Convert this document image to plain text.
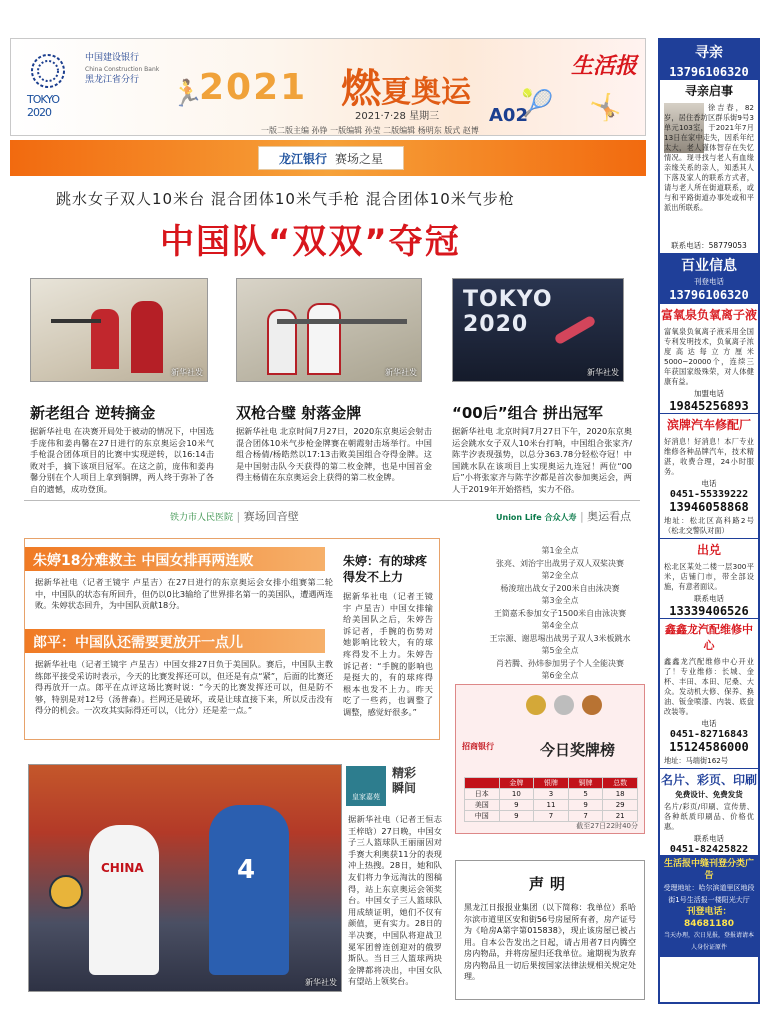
TOKYO 2020
中国建设银行
China Construction Bank
黑龙江省分行	🏃
2021 燃夏奥运
生活报
🎾 🤸
2021·7·28 星期三	A02
一版二版主编 孙铮 一版编辑 孙莹 二版编辑 杨明东 版式 赵博
龙江银行 赛场之星
跳水女子双人10米台 混合团体10米气手枪 混合团体10米气步枪
中国队“双双”夺冠
新华社发	新华社发
TOKYO 2020
新华社发
新老组合 逆转摘金
据新华社电 在决赛开局处于被动的情况下，中国选手庞伟和姜冉馨在27日进行的东京奥运会10米气手枪混合团体项目的比赛中实现逆转，以16:14击败对手，摘下该项目冠军。在这之前，庞伟和姜冉馨分别在个人项目上拿到铜牌，两人终于弥补了各自的遗憾，成功登顶。
双枪合璧 射落金牌
据新华社电 北京时间7月27日，2020东京奥运会射击混合团体10米气步枪金牌赛在朝霞射击场举行。中国组合杨倩/杨皓然以17:13击败美国组合夺得金牌。这是中国射击队今天获得的第二枚金牌，也是中国首金得主杨倩在东京奥运会上获得的第二枚金牌。
“00后”组合 拼出冠军
据新华社电 北京时间7月27日下午，2020东京奥运会跳水女子双人10米台打响，中国组合张家齐/陈芋汐表现强势，以总分363.78分轻松夺冠！中国跳水队在该项目上实现奥运九连冠！两位“00后”小将张家齐与陈芋汐都是首次参加奥运会，两人于2019年开始搭档，实力不俗。
铁力市人民医院 | 赛场回音壁	Union Life 合众人寿 | 奥运看点
朱婷18分难救主 中国女排再两连败
据新华社电（记者王镜宇 卢星吉）在27日进行的东京奥运会女排小组赛第二轮中，中国队的状态有所回升，但仍以0比3输给了世界排名第一的美国队，遭遇两连败。朱婷状态回升，为中国队贡献18分。
郎平：中国队还需要更放开一点儿
据新华社电（记者王镜宇 卢星吉）中国女排27日负于美国队。赛后，中国队主教练郎平接受采访时表示，今天的比赛发挥还可以，但还是有点“紧”，后面的比赛还得再放开一点。郎平在点评这场比赛时说：“今天的比赛发挥还可以，但是防不够，特别是对12号（汤普森）。拦网还是破坏，或是让球直接下来，所以反击没有得分的机会。一次攻其实际得还可以，（比分）还是差一点。”
朱婷：有的球疼得发不上力
据新华社电（记者王镜宇 卢星吉）中国女排输给美国队之后，朱婷告诉记者，手腕的伤势对她影响比较大，有的球疼得发不上力。朱婷告诉记者：“手腕的影响也是挺大的，有的球疼得根本也发不上力。昨天吃了一些药，也调整了调整，感觉好很多。”
第1金全点
张亮、刘治宇出战男子双人双桨决赛
第2金全点
杨浚瑄出战女子200米自由泳决赛
第3金全点
王简嘉禾参加女子1500米自由泳决赛
第4金全点
王宗源、谢思埸出战男子双人3米板跳水
第5金全点
肖若腾、孙炜参加男子个人全能决赛
第6金全点
招商银行	今日奖牌榜
	金牌	银牌	铜牌	总数
日本	10	3	5	18
美国	9	11	9	29
中国	9	7	7	21
截至27日22时40分
CHINA	4
新华社发
皇家嘉苑
精彩瞬间
据新华社电（记者王恒志 王梓晗）27日晚，中国女子三人篮球队王丽丽因对手赛大利奥获11分的表现冲上热搜。28日，她和队友们将力争远淘汰的图稿得，站上东京奥运会领奖台。中国女子三人篮球队用成绩证明，她们不仅有颜值，更有实力。28日的半决赛，中国队将迎战卫冕军团曾连创迎对的俄罗斯队。当日三人篮球两块金牌都将决出，中国女队有望站上领奖台。
声明
黑龙江日报报业集团（以下简称：我单位）系哈尔滨市道里区安和街56号房屋所有者，房产证号为《哈房A第字第015838》，现止该房屋已被占用。自本公告发出之日起，请占用者7日内腾空房内物品，并将房屋归还我单位。逾期视为放弃房内物品且一切后果按国家法律法规相关规定处理。
寻亲
13796106320
寻亲启事
徐吉春，82岁，居住香坊区群乐街9号3单元103室，于2021年7月13日在家中走失，因系年纪太大，老人谨体智存在失忆情况。现寻找与老人有血缘亲缘关系的亲人，知悉其人下落及家人的联系方式者，请与老人所在街道联系，或与和平路街道办事处或和平派出所联系。
联系电话：58779053
百业信息
刊登电话
13796106320
富氧泉负氧离子液
富氧泉负氧离子液采用全国专利发明技术，负氧离子浓度高达每立方厘米5000~20000个，连续三年获国家级殊荣，对人体健康有益。
加盟电话
19845256893
滨牌汽车修配厂
好消息！好消息！本厂专业维修各种品牌汽车，技术精湛，收费合理，24小时服务。
电话
0451-55339222
13946058868
地址：松北区高科路2号（松北交警队对面）
出兑
松北区某处二楼一层300平米，店铺门市，带全部设施，有意者面议。
联系电话
13339406526
鑫鑫龙汽配维修中心
鑫鑫龙汽配维修中心开业了！专业维修：长城、金杯、丰田、本田、尼桑、大众。发动机大修、保养、换油、钣金喷漆、内装、底盘改装等。
电话
0451-82716843
15124586000
地址：马端街162号
名片、彩页、印刷
免费设计、免费发货
名片/彩页/印刷、宣传册、各种纸质印刷品、价格优惠。
联系电话
0451-82425822
生活报中缝刊登分类广告
受理地址：哈尔滨道里区地段街1号生活报一楼阳光大厅
刊登电话：84681180
当天办理，次日见报，登报请请本人身份证原件
